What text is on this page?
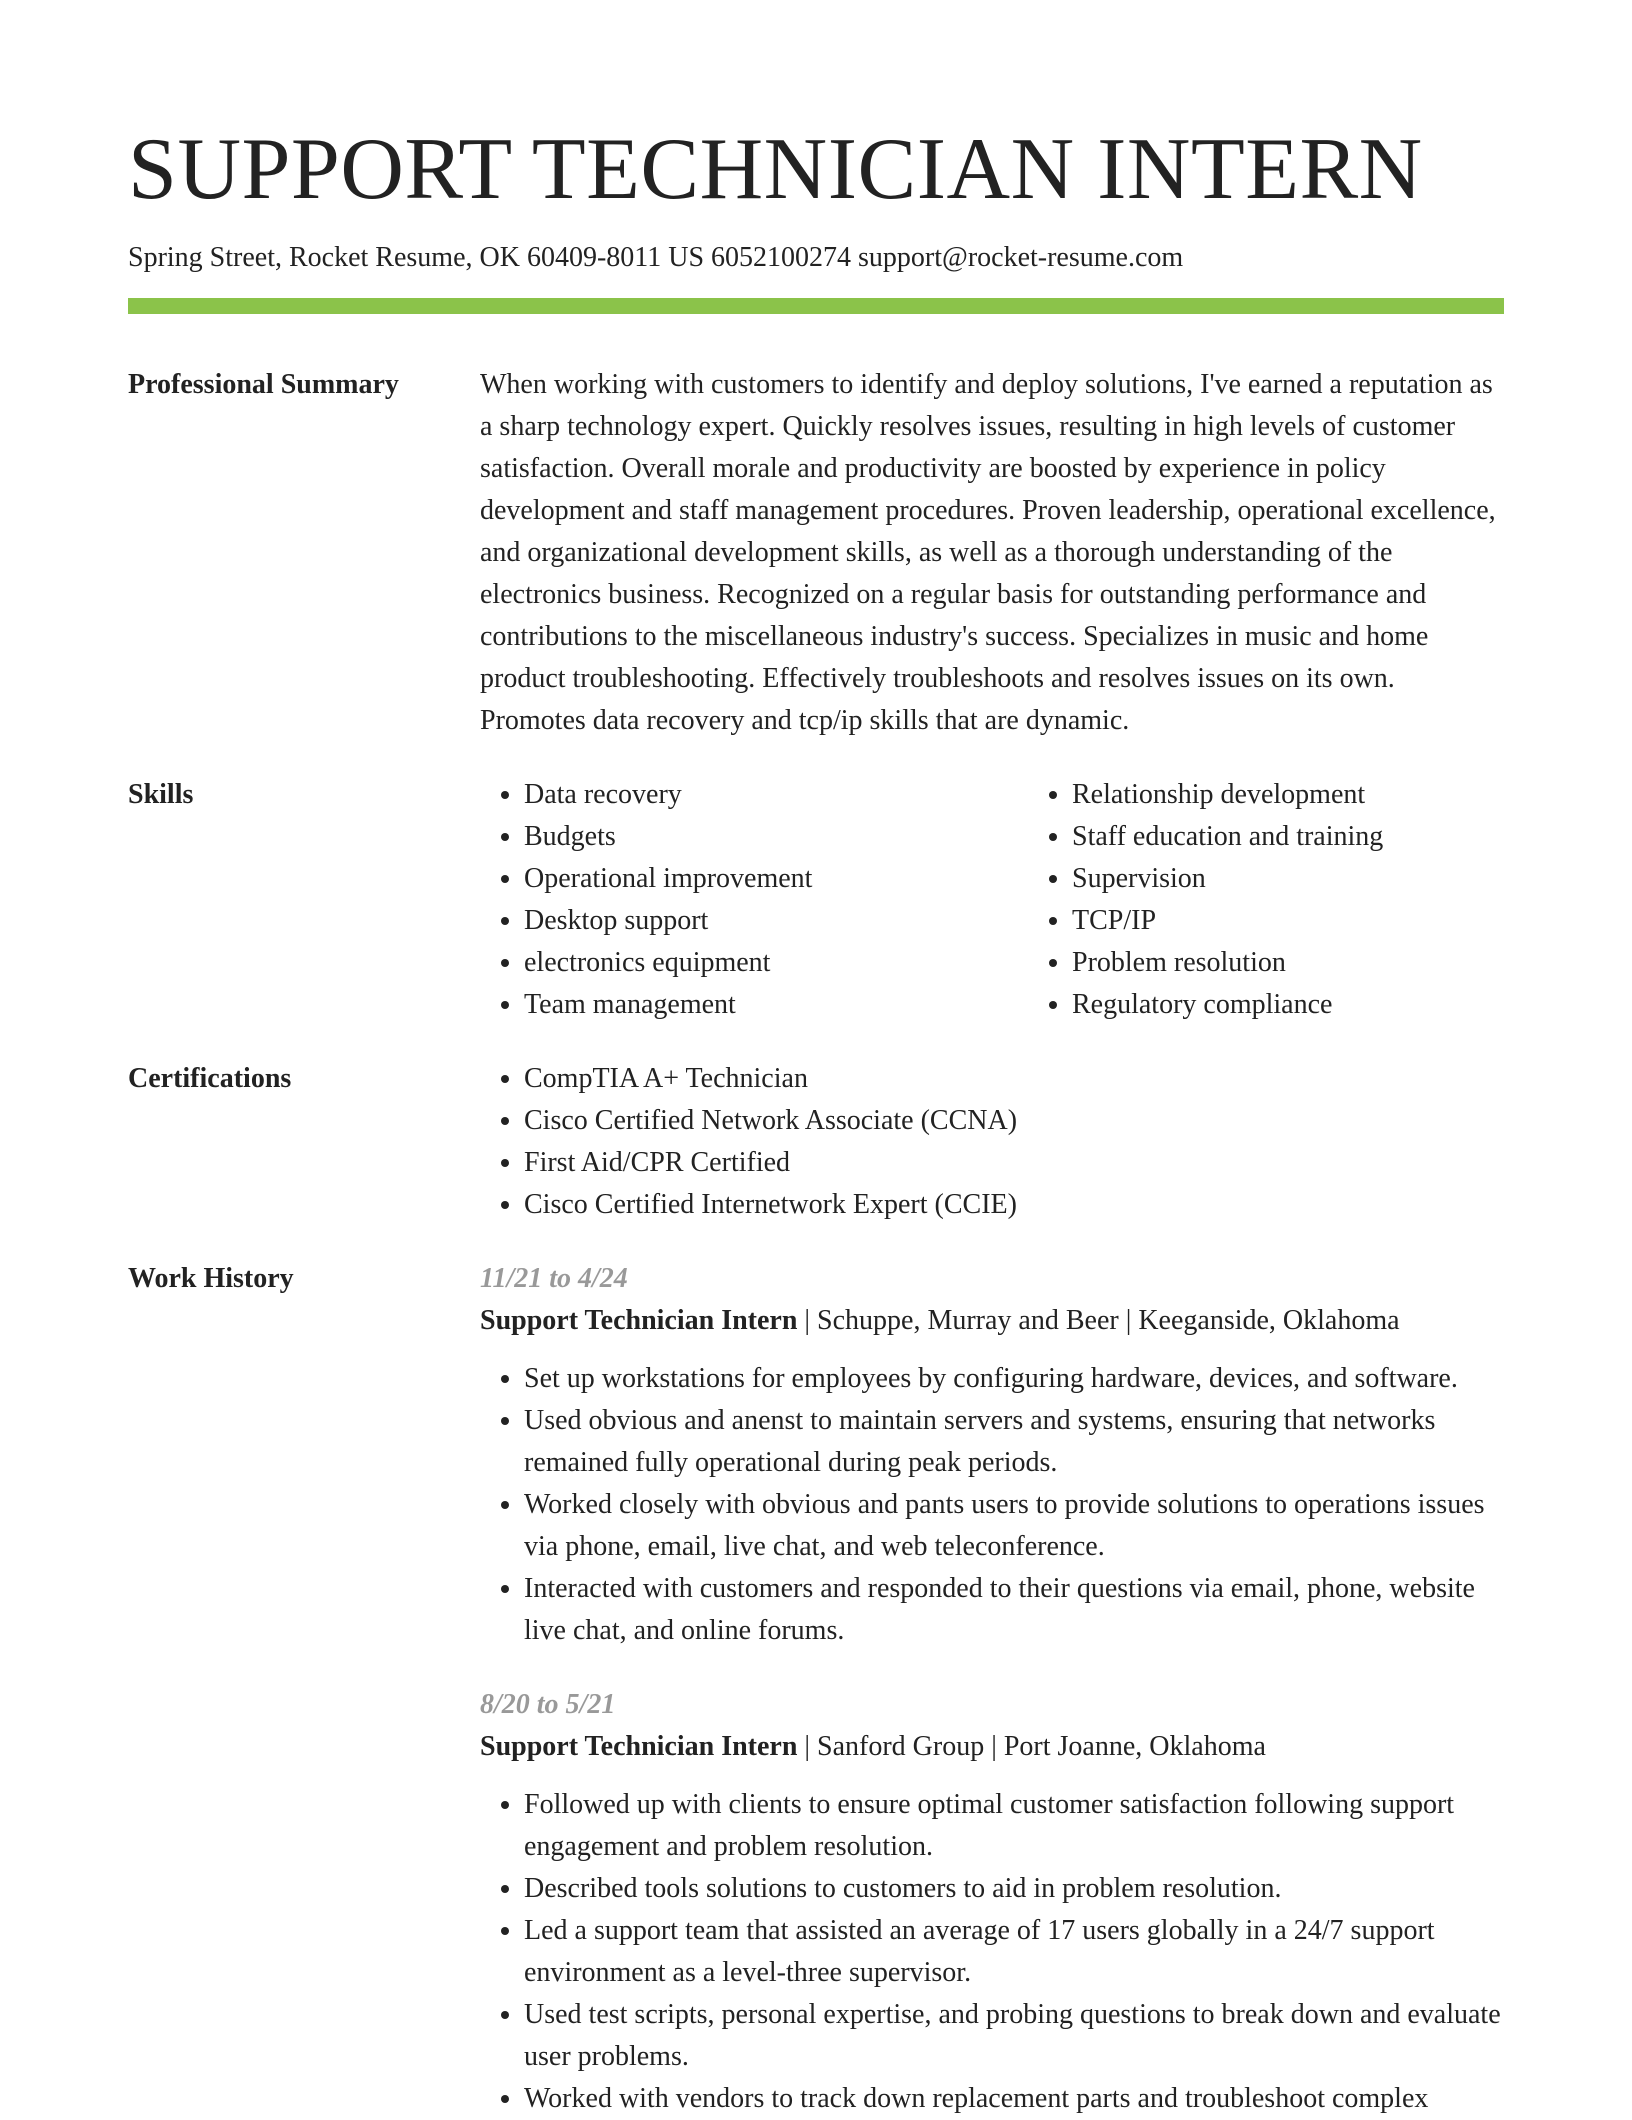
SUPPORT TECHNICIAN INTERN
Spring Street, Rocket Resume, OK 60409-8011 US 6052100274 support@rocket-resume.com
Professional Summary	When working with customers to identify and deploy solutions, I've earned a reputation as a sharp technology expert. Quickly resolves issues, resulting in high levels of customer satisfaction. Overall morale and productivity are boosted by experience in policy development and staff management procedures. Proven leadership, operational excellence, and organizational development skills, as well as a thorough understanding of the electronics business. Recognized on a regular basis for outstanding performance and contributions to the miscellaneous industry's success. Specializes in music and home product troubleshooting. Effectively troubleshoots and resolves issues on its own. Promotes data recovery and tcp/ip skills that are dynamic.

Skills	• Data recovery
• Budgets
• Operational improvement
• Desktop support
• electronics equipment
• Team management
• Relationship development
• Staff education and training
• Supervision
• TCP/IP
• Problem resolution
• Regulatory compliance
Certifications	• CompTIA A+ Technician
• Cisco Certified Network Associate (CCNA)
• First Aid/CPR Certified
• Cisco Certified Internetwork Expert (CCIE)
Work History	11/21 to 4/24
Support Technician Intern | Schuppe, Murray and Beer | Keeganside, Oklahoma
• Set up workstations for employees by configuring hardware, devices, and software.
• Used obvious and anenst to maintain servers and systems, ensuring that networks remained fully operational during peak periods.
• Worked closely with obvious and pants users to provide solutions to operations issues via phone, email, live chat, and web teleconference.
• Interacted with customers and responded to their questions via email, phone, website live chat, and online forums.
8/20 to 5/21
Support Technician Intern | Sanford Group | Port Joanne, Oklahoma
• Followed up with clients to ensure optimal customer satisfaction following support engagement and problem resolution.
• Described tools solutions to customers to aid in problem resolution.
• Led a support team that assisted an average of 17 users globally in a 24/7 support environment as a level-three supervisor.
• Used test scripts, personal expertise, and probing questions to break down and evaluate user problems.
• Worked with vendors to track down replacement parts and troubleshoot complex
